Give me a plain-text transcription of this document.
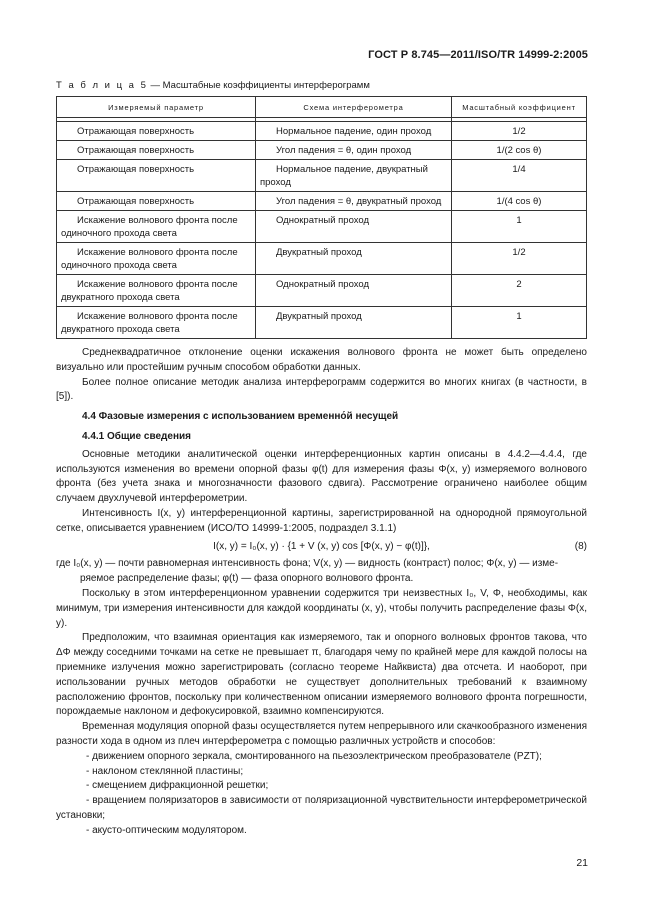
ГОСТ Р 8.745—2011/ISO/TR 14999-2:2005
Т а б л и ц а 5 — Масштабные коэффициенты интерферограмм
Измеряемый параметр	Схема интерферометра	Масштабный коэффициент

Отражающая поверхность	Нормальное падение, один проход	1/2
Отражающая поверхность	Угол падения = θ, один проход	1/(2 cos θ)
Отражающая поверхность	Нормальное падение, двукратный проход	1/4
Отражающая поверхность	Угол падения = θ, двукратный проход	1/(4 cos θ)
Искажение волнового фронта после одиночного прохода света	Однократный проход	1
Искажение волнового фронта после одиночного прохода света	Двукратный проход	1/2
Искажение волнового фронта после двукратного прохода света	Однократный проход	2
Искажение волнового фронта после двукратного прохода света	Двукратный проход	1

Среднеквадратичное отклонение оценки искажения волнового фронта не может быть определено визуально или простейшим ручным способом обработки данных.

Более полное описание методик анализа интерферограмм содержится во многих книгах (в частности, в [5]).

4.4 Фазовые измерения с использованием временно́й несущей

4.4.1 Общие сведения

Основные методики аналитической оценки интерференционных картин описаны в 4.4.2—4.4.4, где используются изменения во времени опорной фазы φ(t) для измерения фазы Φ(x, y) измеряемого волнового фронта (без учета знака и многозначности фазового сдвига). Рассмотрение ограничено наиболее общим случаем двухлучевой интерферометрии.

Интенсивность I(x, y) интерференционной картины, зарегистрированной на однородной прямоугольной сетке, описывается уравнением (ИСО/ТО 14999-1:2005, подраздел 3.1.1)

I(x, y) = I₀(x, y) · {1 + V (x, y) cos [Φ(x, y) − φ(t)]},	(8)

где I₀(x, y) — почти равномерная интенсивность фона; V(x, y) — видность (контраст) полос; Φ(x, y) — изме-

ряемое распределение фазы; φ(t) — фаза опорного волнового фронта.

Поскольку в этом интерференционном уравнении содержится три неизвестных I₀, V, Φ, необходимы, как минимум, три измерения интенсивности для каждой координаты (x, y), чтобы получить распределение фазы Φ(x, y).

Предположим, что взаимная ориентация как измеряемого, так и опорного волновых фронтов такова, что ΔΦ между соседними точками на сетке не превышает π, благодаря чему по крайней мере для каждой полосы на приемнике излучения можно зарегистрировать (согласно теореме Найквиста) два отсчета. И наоборот, при использовании ручных методов обработки не существует дополнительных требований к взаимному расположению фронтов, поскольку при количественном описании измеряемого волнового фронта погрешности, порождаемые наклоном и дефокусировкой, взаимно компенсируются.

Временная модуляция опорной фазы осуществляется путем непрерывного или скачкообразного изменения разности хода в одном из плеч интерферометра с помощью различных устройств и способов:

- движением опорного зеркала, смонтированного на пьезоэлектрическом преобразователе (PZT);

- наклоном стеклянной пластины;

- смещением дифракционной решетки;

- вращением поляризаторов в зависимости от поляризационной чувствительности интерферометрической установки;

- акусто-оптическим модулятором.

21
